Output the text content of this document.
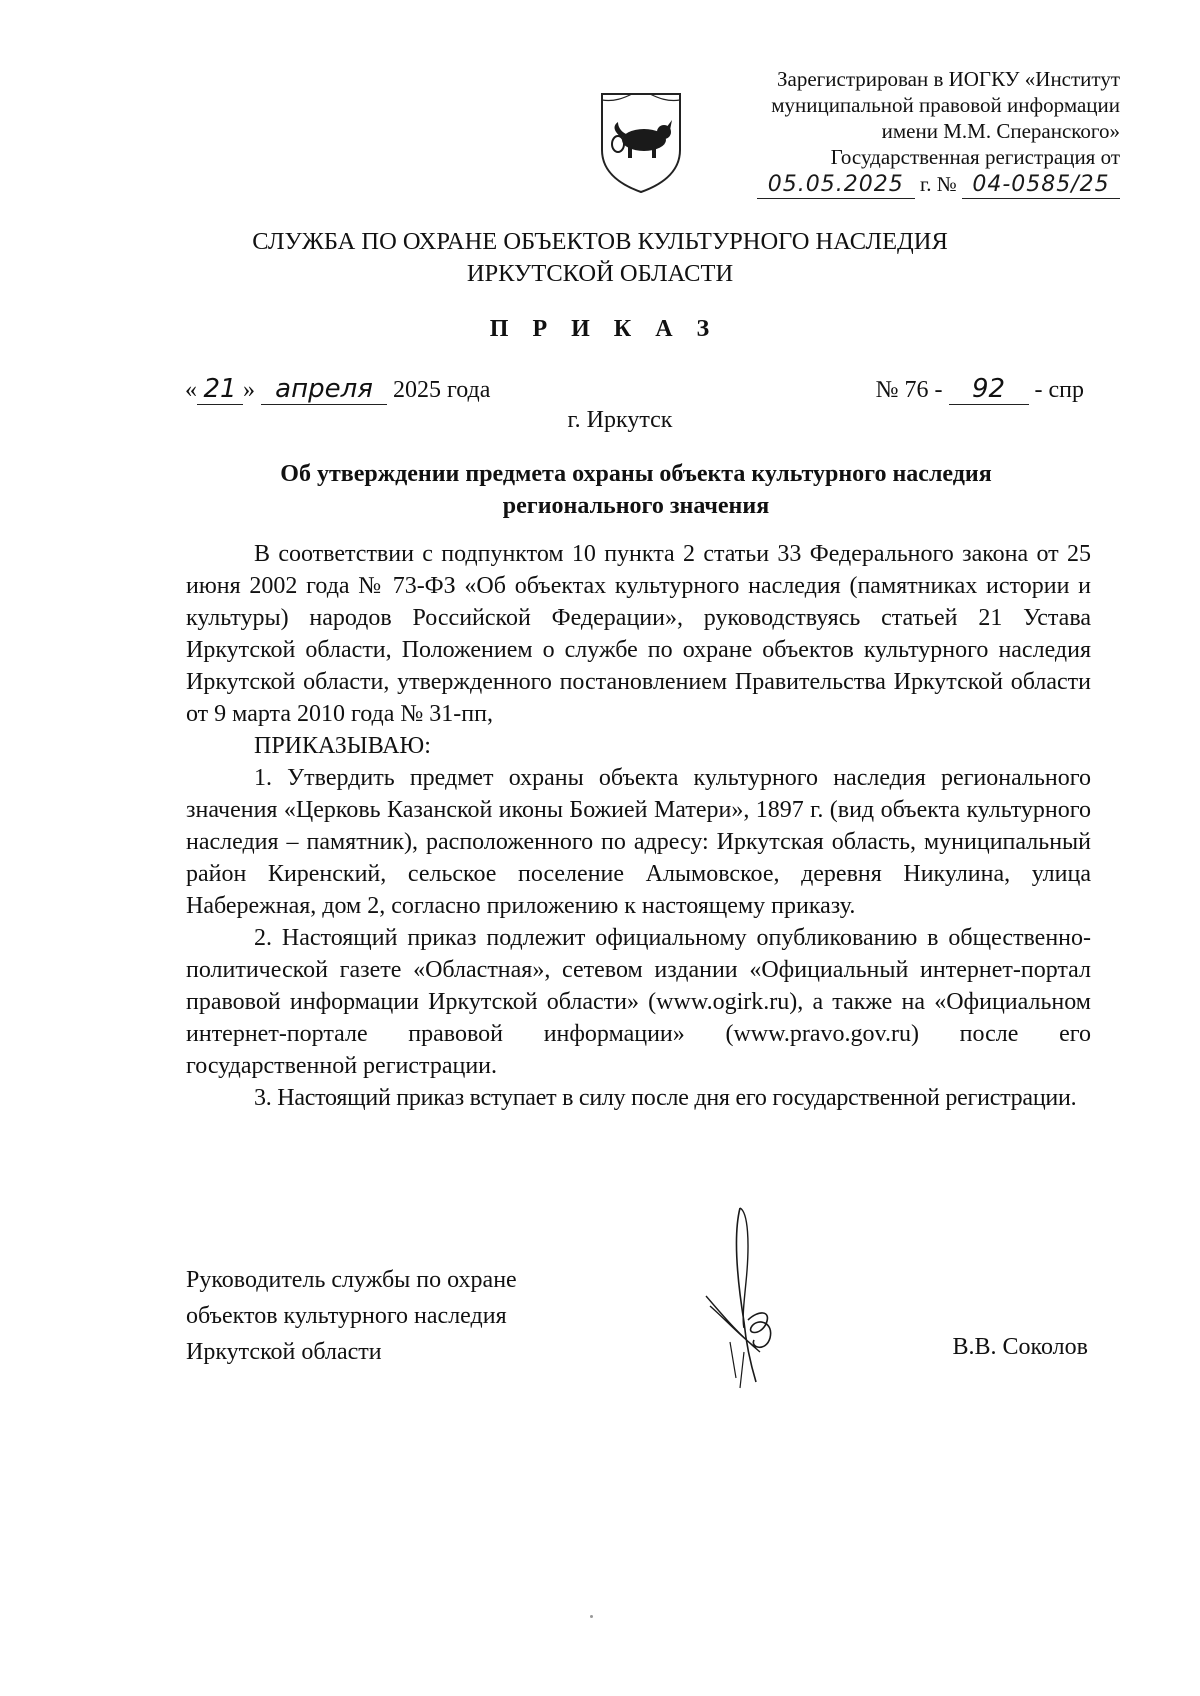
Зарегистрирован в ИОГКУ «Институт
муниципальной правовой информации
имени М.М. Сперанского»
Государственная регистрация от
05.05.2025 г. № 04-0585/25
СЛУЖБА ПО ОХРАНЕ ОБЪЕКТОВ КУЛЬТУРНОГО НАСЛЕДИЯ
ИРКУТСКОЙ ОБЛАСТИ
П Р И К А З
« 21 » апреля 2025 года	№ 76 - 92 - спр
г. Иркутск
Об утверждении предмета охраны объекта культурного наследия
регионального значения

В соответствии с подпунктом 10 пункта 2 статьи 33 Федерального закона от 25 июня 2002 года № 73-ФЗ «Об объектах культурного наследия (памятниках истории и культуры) народов Российской Федерации», руководствуясь статьей 21 Устава Иркутской области, Положением о службе по охране объектов культурного наследия Иркутской области, утвержденного постановлением Правительства Иркутской области от 9 марта 2010 года № 31-пп,

ПРИКАЗЫВАЮ:

1. Утвердить предмет охраны объекта культурного наследия регионального значения «Церковь Казанской иконы Божией Матери», 1897 г. (вид объекта культурного наследия – памятник), расположенного по адресу: Иркутская область, муниципальный район Киренский, сельское поселение Алымовское, деревня Никулина, улица Набережная, дом 2, согласно приложению к настоящему приказу.

2. Настоящий приказ подлежит официальному опубликованию в общественно-политической газете «Областная», сетевом издании «Официальный интернет-портал правовой информации Иркутской области» (www.ogirk.ru), а также на «Официальном интернет-портале правовой информации» (www.pravo.gov.ru) после его государственной регистрации.

3. Настоящий приказ вступает в силу после дня его государственной регистрации.

Руководитель службы по охране
объектов культурного наследия
Иркутской области	В.В. Соколов
